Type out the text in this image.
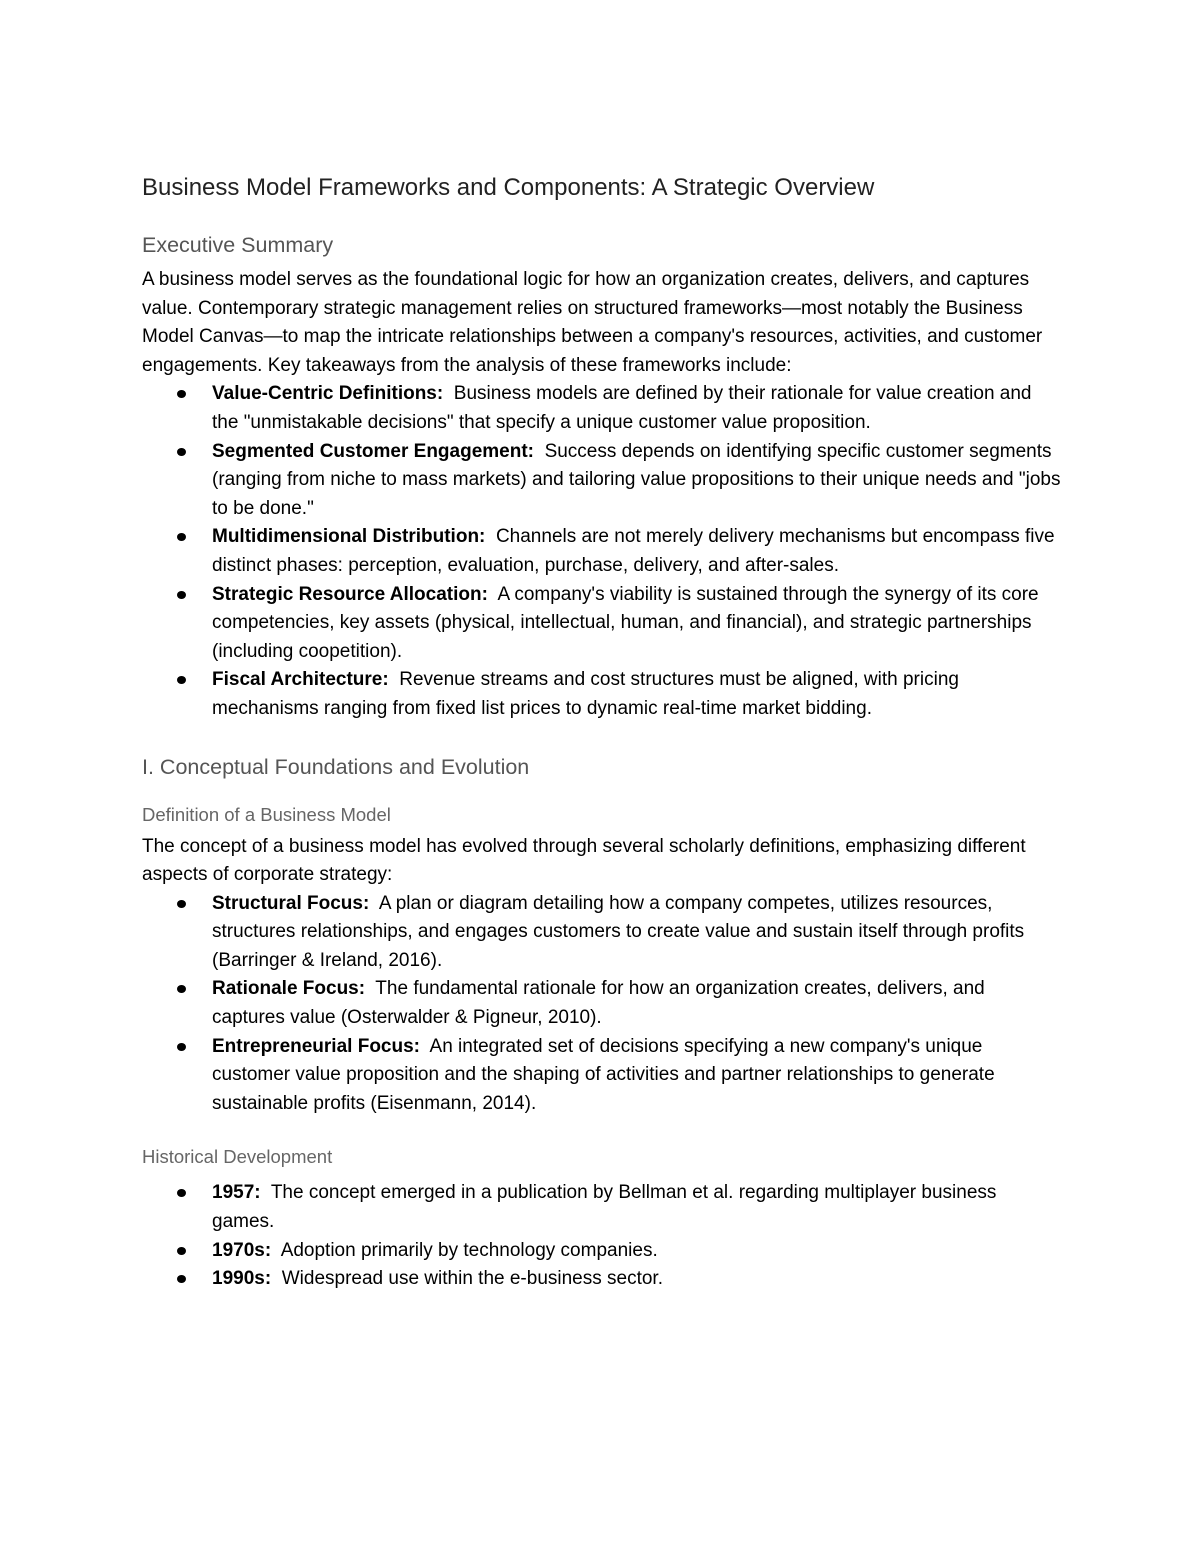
Business Model Frameworks and Components: A Strategic Overview
Executive Summary

A business model serves as the foundational logic for how an organization creates, delivers, and captures value. Contemporary strategic management relies on structured frameworks—most notably the Business Model Canvas—to map the intricate relationships between a company's resources, activities, and customer engagements. Key takeaways from the analysis of these frameworks include:

Value-Centric Definitions: Business models are defined by their rationale for value creation and the "unmistakable decisions" that specify a unique customer value proposition.
Segmented Customer Engagement: Success depends on identifying specific customer segments (ranging from niche to mass markets) and tailoring value propositions to their unique needs and "jobs to be done."
Multidimensional Distribution: Channels are not merely delivery mechanisms but encompass five distinct phases: perception, evaluation, purchase, delivery, and after-sales.
Strategic Resource Allocation: A company's viability is sustained through the synergy of its core competencies, key assets (physical, intellectual, human, and financial), and strategic partnerships (including coopetition).
Fiscal Architecture: Revenue streams and cost structures must be aligned, with pricing mechanisms ranging from fixed list prices to dynamic real-time market bidding.
I. Conceptual Foundations and Evolution
Definition of a Business Model

The concept of a business model has evolved through several scholarly definitions, emphasizing different aspects of corporate strategy:

Structural Focus: A plan or diagram detailing how a company competes, utilizes resources, structures relationships, and engages customers to create value and sustain itself through profits (Barringer & Ireland, 2016).
Rationale Focus: The fundamental rationale for how an organization creates, delivers, and captures value (Osterwalder & Pigneur, 2010).
Entrepreneurial Focus: An integrated set of decisions specifying a new company's unique customer value proposition and the shaping of activities and partner relationships to generate sustainable profits (Eisenmann, 2014).
Historical Development
1957: The concept emerged in a publication by Bellman et al. regarding multiplayer business games.
1970s: Adoption primarily by technology companies.
1990s: Widespread use within the e-business sector.
